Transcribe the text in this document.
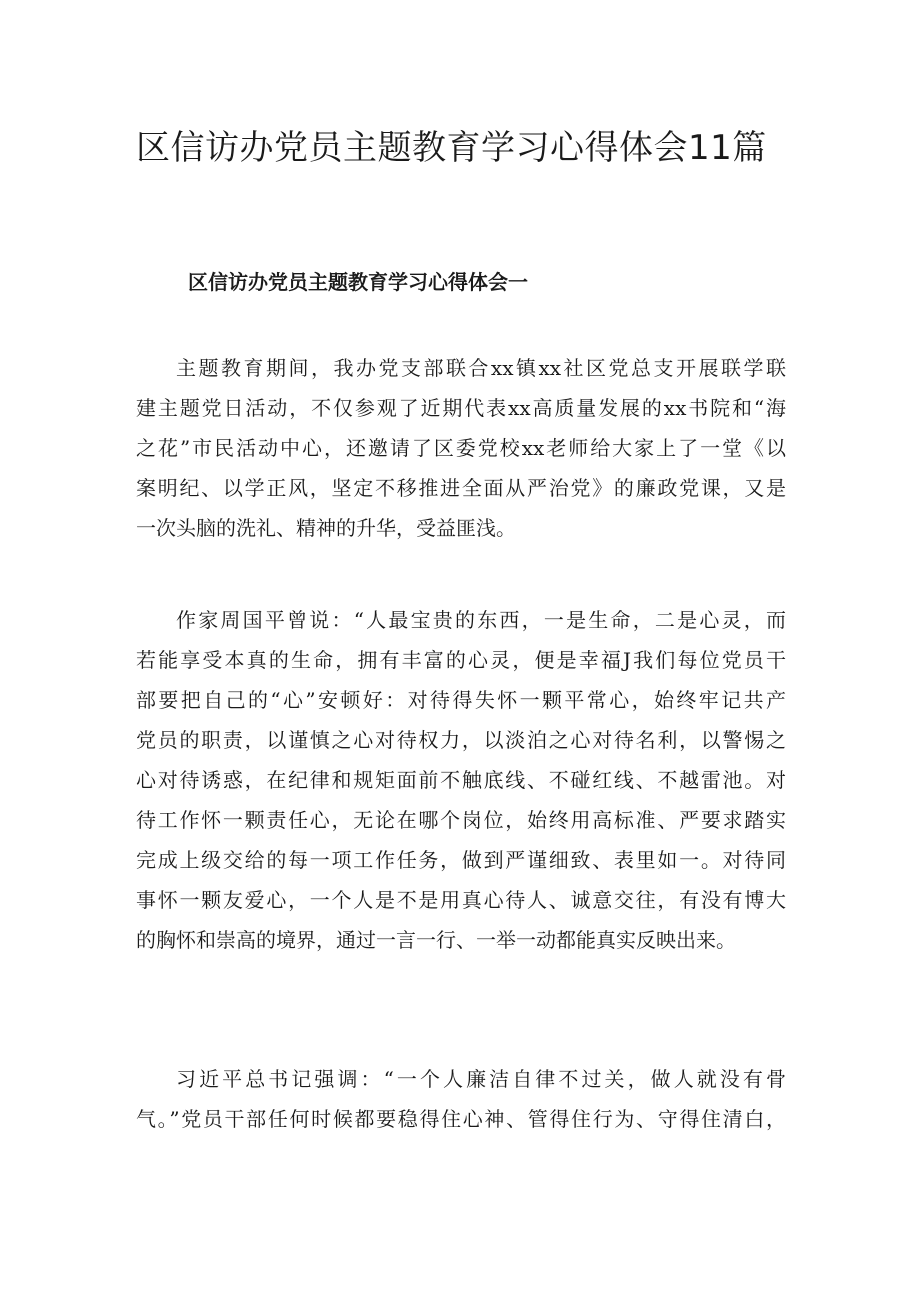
区信访办党员主题教育学习心得体会11篇
区信访办党员主题教育学习心得体会一
主题教育期间，我办党支部联合xx镇xx社区党总支开展联学联
建主题党日活动，不仅参观了近期代表xx高质量发展的xx书院和“海
之花”市民活动中心，还邀请了区委党校xx老师给大家上了一堂《以
案明纪、以学正风，坚定不移推进全面从严治党》的廉政党课，又是
一次头脑的洗礼、精神的升华，受益匪浅。
作家周国平曾说：“人最宝贵的东西，一是生命，二是心灵，而
若能享受本真的生命，拥有丰富的心灵，便是幸福J我们每位党员干
部要把自己的“心”安顿好：对待得失怀一颗平常心，始终牢记共产
党员的职责，以谨慎之心对待权力，以淡泊之心对待名利，以警惕之
心对待诱惑，在纪律和规矩面前不触底线、不碰红线、不越雷池。对
待工作怀一颗责任心，无论在哪个岗位，始终用高标准、严要求踏实
完成上级交给的每一项工作任务，做到严谨细致、表里如一。对待同
事怀一颗友爱心，一个人是不是用真心待人、诚意交往，有没有博大
的胸怀和崇高的境界，通过一言一行、一举一动都能真实反映出来。
习近平总书记强调：“一个人廉洁自律不过关，做人就没有骨
气。”党员干部任何时候都要稳得住心神、管得住行为、守得住清白，
